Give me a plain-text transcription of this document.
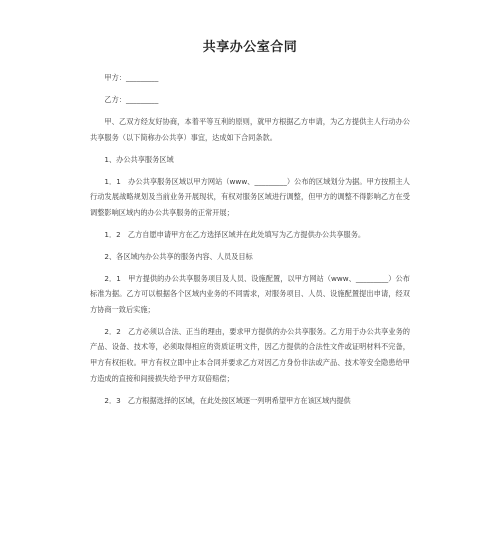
共享办公室合同

甲方：_________

乙方：_________

甲、乙双方经友好协商，本着平等互利的原则，就甲方根据乙方申请，为乙方提供主人行动办公共享服务（以下简称办公共享）事宜，达成如下合同条款。

1、办公共享服务区域

1．1　办公共享服务区域以甲方网站（www、_________）公布的区域划分为据。甲方按照主人行动发展战略规划及当前业务开展现状，有权对服务区域进行调整，但甲方的调整不得影响乙方在受调整影响区域内的办公共享服务的正常开展；

1．2　乙方自愿申请甲方在乙方选择区域并在此处填写为乙方提供办公共享服务。

2、各区域内办公共享的服务内容、人员及目标

2．1　甲方提供的办公共享服务项目及人员、设施配置，以甲方网站（www、_________）公布标准为据。乙方可以根据各个区域内业务的不同需求，对服务项目、人员、设施配置提出申请，经双方协商一致后实施；

2．2　乙方必须以合法、正当的理由，要求甲方提供的办公共享服务。乙方用于办公共享业务的产品、设备、技术等，必须取得相应的资质证明文件，因乙方提供的合法性文件或证明材料不完备，甲方有权拒收。甲方有权立即中止本合同并要求乙方对因乙方身份非法或产品、技术等安全隐患给甲方造成的直接和间接损失给予甲方双倍赔偿；

2．3　乙方根据选择的区域，在此处按区域逐一列明希望甲方在该区域内提供
